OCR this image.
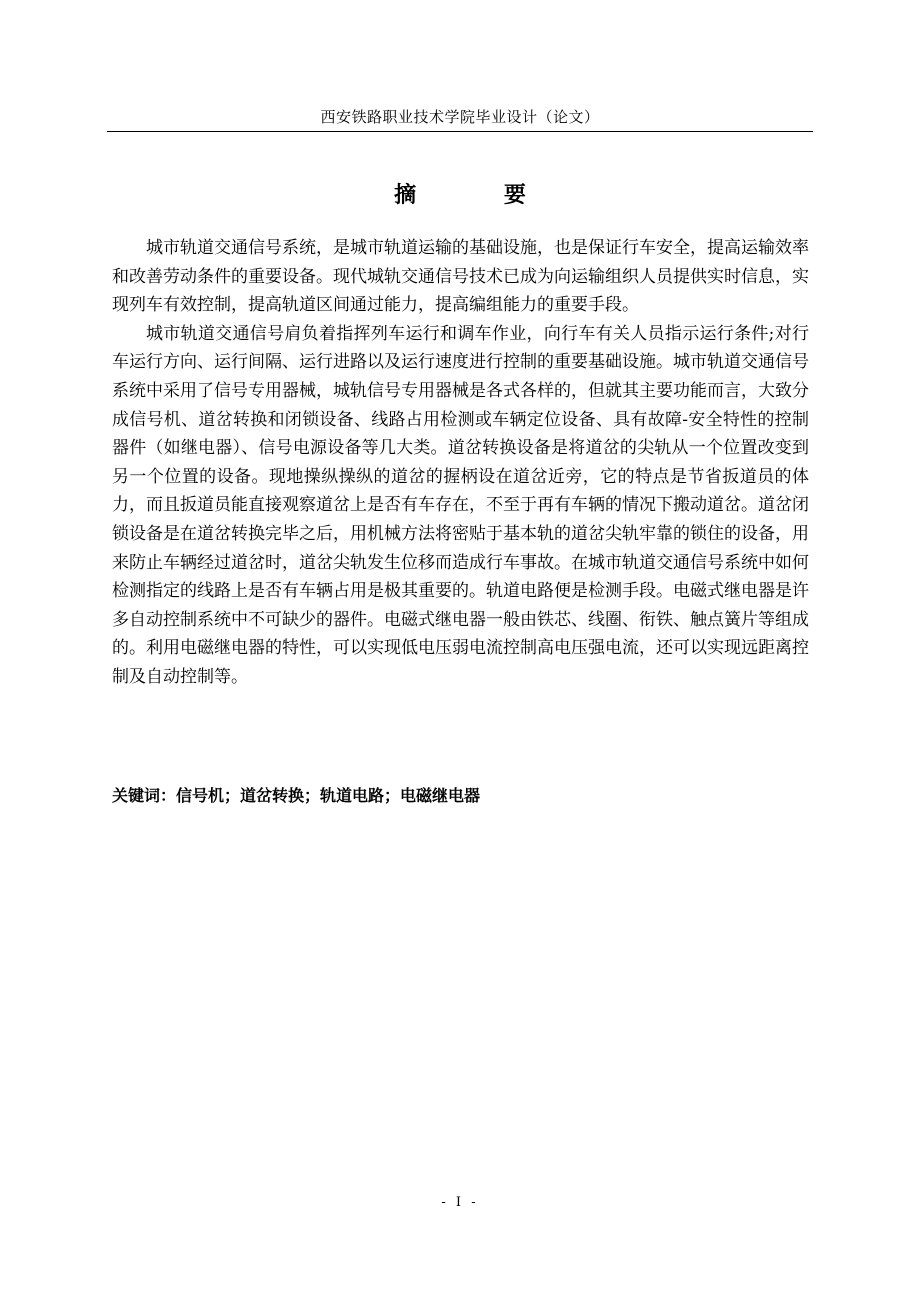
西安铁路职业技术学院毕业设计（论文）
摘 要

城市轨道交通信号系统，是城市轨道运输的基础设施，也是保证行车安全，提高运输效率和改善劳动条件的重要设备。现代城轨交通信号技术已成为向运输组织人员提供实时信息，实现列车有效控制，提高轨道区间通过能力，提高编组能力的重要手段。

城市轨道交通信号肩负着指挥列车运行和调车作业，向行车有关人员指示运行条件;对行车运行方向、运行间隔、运行进路以及运行速度进行控制的重要基础设施。城市轨道交通信号系统中采用了信号专用器械，城轨信号专用器械是各式各样的，但就其主要功能而言，大致分成信号机、道岔转换和闭锁设备、线路占用检测或车辆定位设备、具有故障-安全特性的控制器件（如继电器）、信号电源设备等几大类。道岔转换设备是将道岔的尖轨从一个位置改变到另一个位置的设备。现地操纵操纵的道岔的握柄设在道岔近旁，它的特点是节省扳道员的体力，而且扳道员能直接观察道岔上是否有车存在，不至于再有车辆的情况下搬动道岔。道岔闭锁设备是在道岔转换完毕之后，用机械方法将密贴于基本轨的道岔尖轨牢靠的锁住的设备，用来防止车辆经过道岔时，道岔尖轨发生位移而造成行车事故。在城市轨道交通信号系统中如何检测指定的线路上是否有车辆占用是极其重要的。轨道电路便是检测手段。电磁式继电器是许多自动控制系统中不可缺少的器件。电磁式继电器一般由铁芯、线圈、衔铁、触点簧片等组成的。利用电磁继电器的特性，可以实现低电压弱电流控制高电压强电流，还可以实现远距离控制及自动控制等。

关键词：信号机；道岔转换；轨道电路；电磁继电器
- I -
